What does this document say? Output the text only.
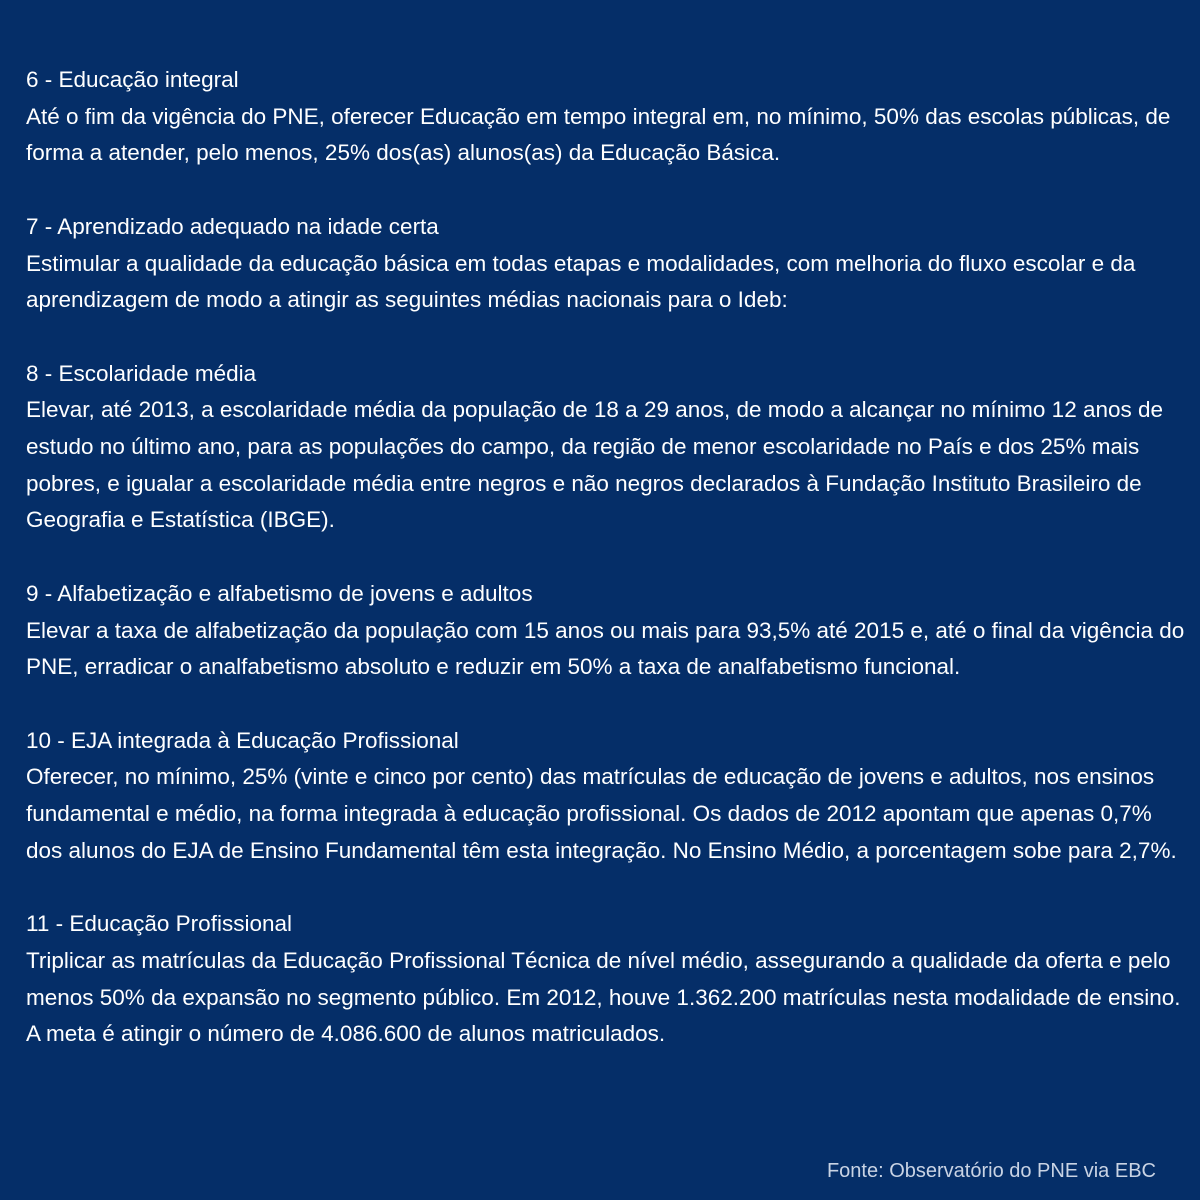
6 - Educação integral

Até o fim da vigência do PNE, oferecer Educação em tempo integral em, no mínimo, 50% das escolas públicas, de forma a atender, pelo menos, 25% dos(as) alunos(as) da Educação Básica.

7 - Aprendizado adequado na idade certa

Estimular a qualidade da educação básica em todas etapas e modalidades, com melhoria do fluxo escolar e da aprendizagem de modo a atingir as seguintes médias nacionais para o Ideb:

8 - Escolaridade média

Elevar, até 2013, a escolaridade média da população de 18 a 29 anos, de modo a alcançar no mínimo 12 anos de estudo no último ano, para as populações do campo, da região de menor escolaridade no País e dos 25% mais pobres, e igualar a escolaridade média entre negros e não negros declarados à Fundação Instituto Brasileiro de Geografia e Estatística (IBGE).

9 - Alfabetização e alfabetismo de jovens e adultos

Elevar a taxa de alfabetização da população com 15 anos ou mais para 93,5% até 2015 e, até o final da vigência do PNE, erradicar o analfabetismo absoluto e reduzir em 50% a taxa de analfabetismo funcional.

10 - EJA integrada à Educação Profissional

Oferecer, no mínimo, 25% (vinte e cinco por cento) das matrículas de educação de jovens e adultos, nos ensinos fundamental e médio, na forma integrada à educação profissional. Os dados de 2012 apontam que apenas 0,7% dos alunos do EJA de Ensino Fundamental têm esta integração. No Ensino Médio, a porcentagem sobe para 2,7%.

11 - Educação Profissional

Triplicar as matrículas da Educação Profissional Técnica de nível médio, assegurando a qualidade da oferta e pelo menos 50% da expansão no segmento público. Em 2012, houve 1.362.200 matrículas nesta modalidade de ensino. A meta é atingir o número de 4.086.600 de alunos matriculados.

Fonte: Observatório do PNE via EBC
